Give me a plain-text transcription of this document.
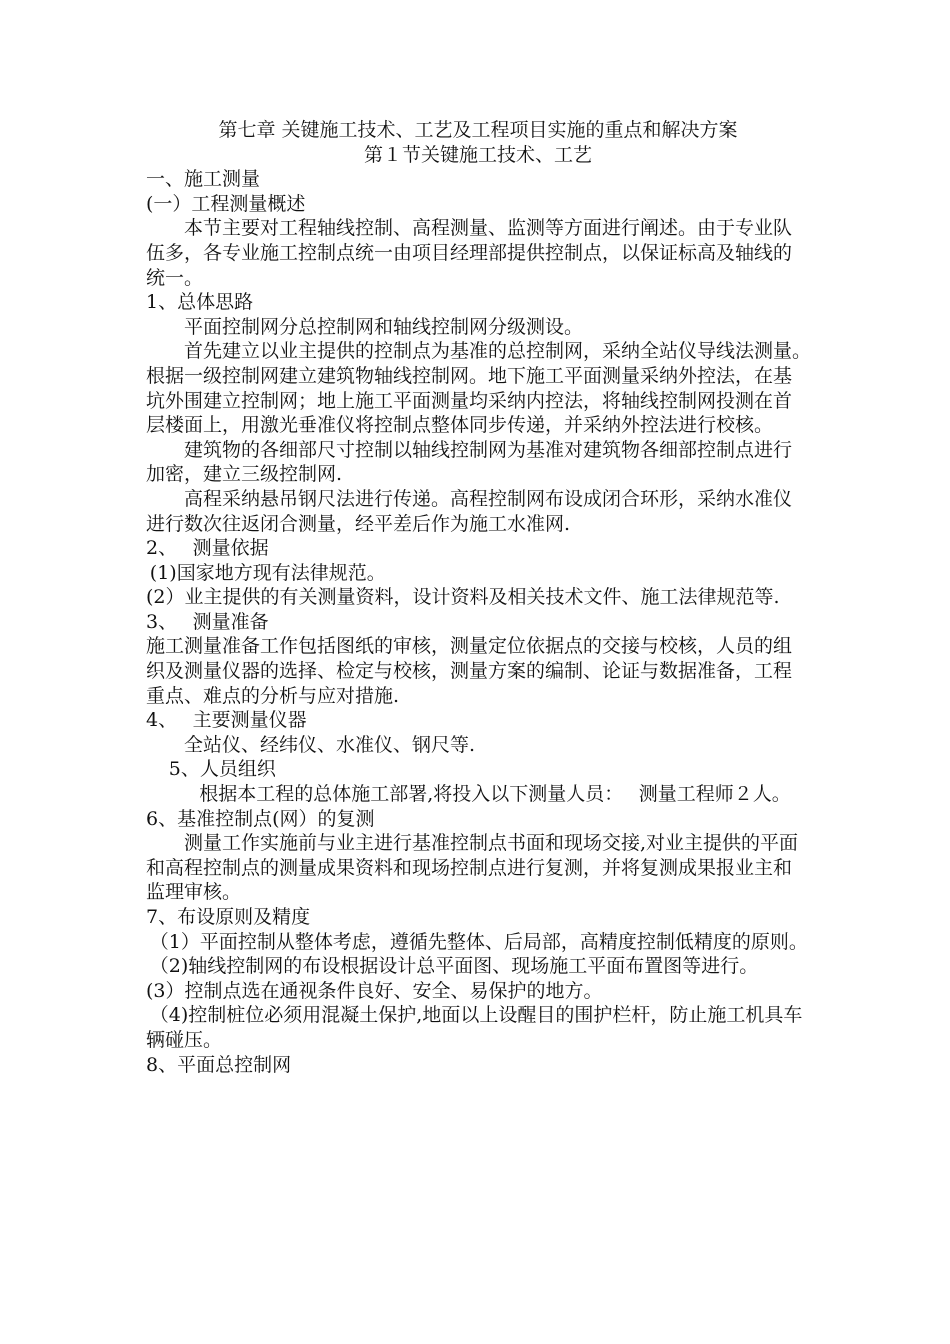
第七章 关键施工技术、工艺及工程项目实施的重点和解决方案
第１节关键施工技术、工艺

一、施工测量

(一）工程测量概述

本节主要对工程轴线控制、高程测量、监测等方面进行阐述。由于专业队伍多，各专业施工控制点统一由项目经理部提供控制点，以保证标高及轴线的统一。

1、总体思路

平面控制网分总控制网和轴线控制网分级测设。

首先建立以业主提供的控制点为基准的总控制网，采纳全站仪导线法测量。　根据一级控制网建立建筑物轴线控制网。地下施工平面测量采纳外控法，在基坑外围建立控制网；地上施工平面测量均采纳内控法，将轴线控制网投测在首层楼面上，用激光垂准仪将控制点整体同步传递，并采纳外控法进行校核。

建筑物的各细部尺寸控制以轴线控制网为基准对建筑物各细部控制点进行加密，建立三级控制网.

高程采纳悬吊钢尺法进行传递。高程控制网布设成闭合环形，采纳水准仪进行数次往返闭合测量，经平差后作为施工水准网.

2、　 测量依据

(1)国家地方现有法律规范。

(2）业主提供的有关测量资料，设计资料及相关技术文件、施工法律规范等.

3、　 测量准备

施工测量准备工作包括图纸的审核，测量定位依据点的交接与校核，人员的组织及测量仪器的选择、检定与校核，测量方案的编制、论证与数据准备，工程重点、难点的分析与应对措施.

4、　 主要测量仪器

全站仪、经纬仪、水准仪、钢尺等.

5、人员组织

根据本工程的总体施工部署,将投入以下测量人员：　 测量工程师２人。

6、基准控制点(网）的复测

测量工作实施前与业主进行基准控制点书面和现场交接,对业主提供的平面和高程控制点的测量成果资料和现场控制点进行复测，并将复测成果报业主和监理审核。

7、布设原则及精度

（1）平面控制从整体考虑，遵循先整体、后局部，高精度控制低精度的原则。

（2)轴线控制网的布设根据设计总平面图、现场施工平面布置图等进行。

(3）控制点选在通视条件良好、安全、易保护的地方。

（4)控制桩位必须用混凝土保护,地面以上设醒目的围护栏杆，防止施工机具车辆碰压。

8、平面总控制网
